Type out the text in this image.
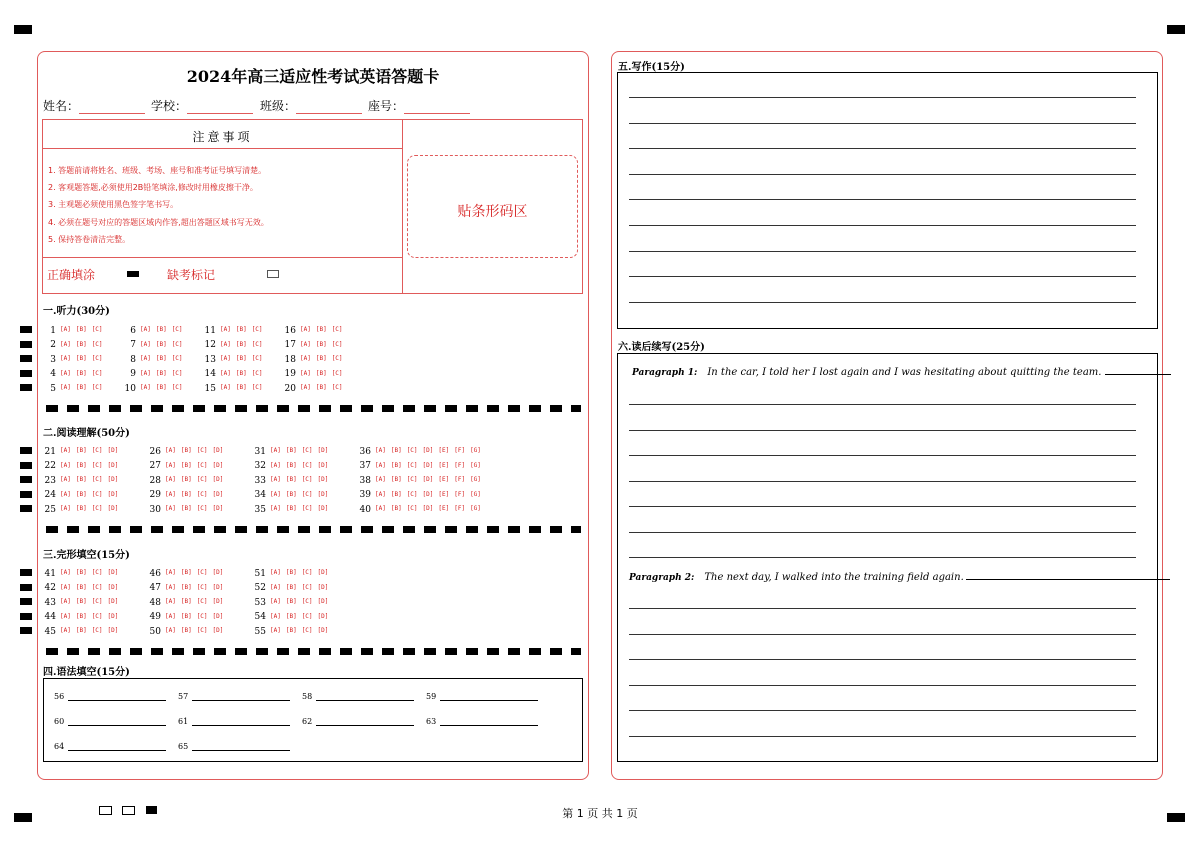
2024年高三适应性考试英语答题卡
姓名：	学校：	班级：	座号：
注意事项
1. 答题前请将姓名、班级、考场、座号和准考证号填写清楚。
2. 客观题答题,必须使用2B铅笔填涂,修改时用橡皮擦干净。
3. 主观题必须使用黑色签字笔书写。
4. 必须在题号对应的答题区域内作答,超出答题区域书写无效。
5. 保持答卷清洁完整。
正确填涂	缺考标记
贴条形码区
一.听力(30分)
二.阅读理解(50分)
三.完形填空(15分)
四.语法填空(15分)
1 [A] [B] [C]
2 [A] [B] [C]
3 [A] [B] [C]
4 [A] [B] [C]
5 [A] [B] [C]
6 [A] [B] [C]
7 [A] [B] [C]
8 [A] [B] [C]
9 [A] [B] [C]
10 [A] [B] [C]
11 [A] [B] [C]
12 [A] [B] [C]
13 [A] [B] [C]
14 [A] [B] [C]
15 [A] [B] [C]
16 [A] [B] [C]
17 [A] [B] [C]
18 [A] [B] [C]
19 [A] [B] [C]
20 [A] [B] [C]
21 [A] [B] [C] [D]
22 [A] [B] [C] [D]
23 [A] [B] [C] [D]
24 [A] [B] [C] [D]
25 [A] [B] [C] [D]
26 [A] [B] [C] [D]
27 [A] [B] [C] [D]
28 [A] [B] [C] [D]
29 [A] [B] [C] [D]
30 [A] [B] [C] [D]
31 [A] [B] [C] [D]
32 [A] [B] [C] [D]
33 [A] [B] [C] [D]
34 [A] [B] [C] [D]
35 [A] [B] [C] [D]
36 [A] [B] [C] [D] [E] [F] [G]
37 [A] [B] [C] [D] [E] [F] [G]
38 [A] [B] [C] [D] [E] [F] [G]
39 [A] [B] [C] [D] [E] [F] [G]
40 [A] [B] [C] [D] [E] [F] [G]
41 [A] [B] [C] [D]
42 [A] [B] [C] [D]
43 [A] [B] [C] [D]
44 [A] [B] [C] [D]
45 [A] [B] [C] [D]
46 [A] [B] [C] [D]
47 [A] [B] [C] [D]
48 [A] [B] [C] [D]
49 [A] [B] [C] [D]
50 [A] [B] [C] [D]
51 [A] [B] [C] [D]
52 [A] [B] [C] [D]
53 [A] [B] [C] [D]
54 [A] [B] [C] [D]
55 [A] [B] [C] [D]
56	57	58	59
60	61	62	63
64	65
五.写作(15分)
六.读后续写(25分)
Paragraph 1: In the car, I told her I lost again and I was hesitating about quitting the team.
Paragraph 2: The next day, I walked into the training field again.
第 1 页 共 1 页
